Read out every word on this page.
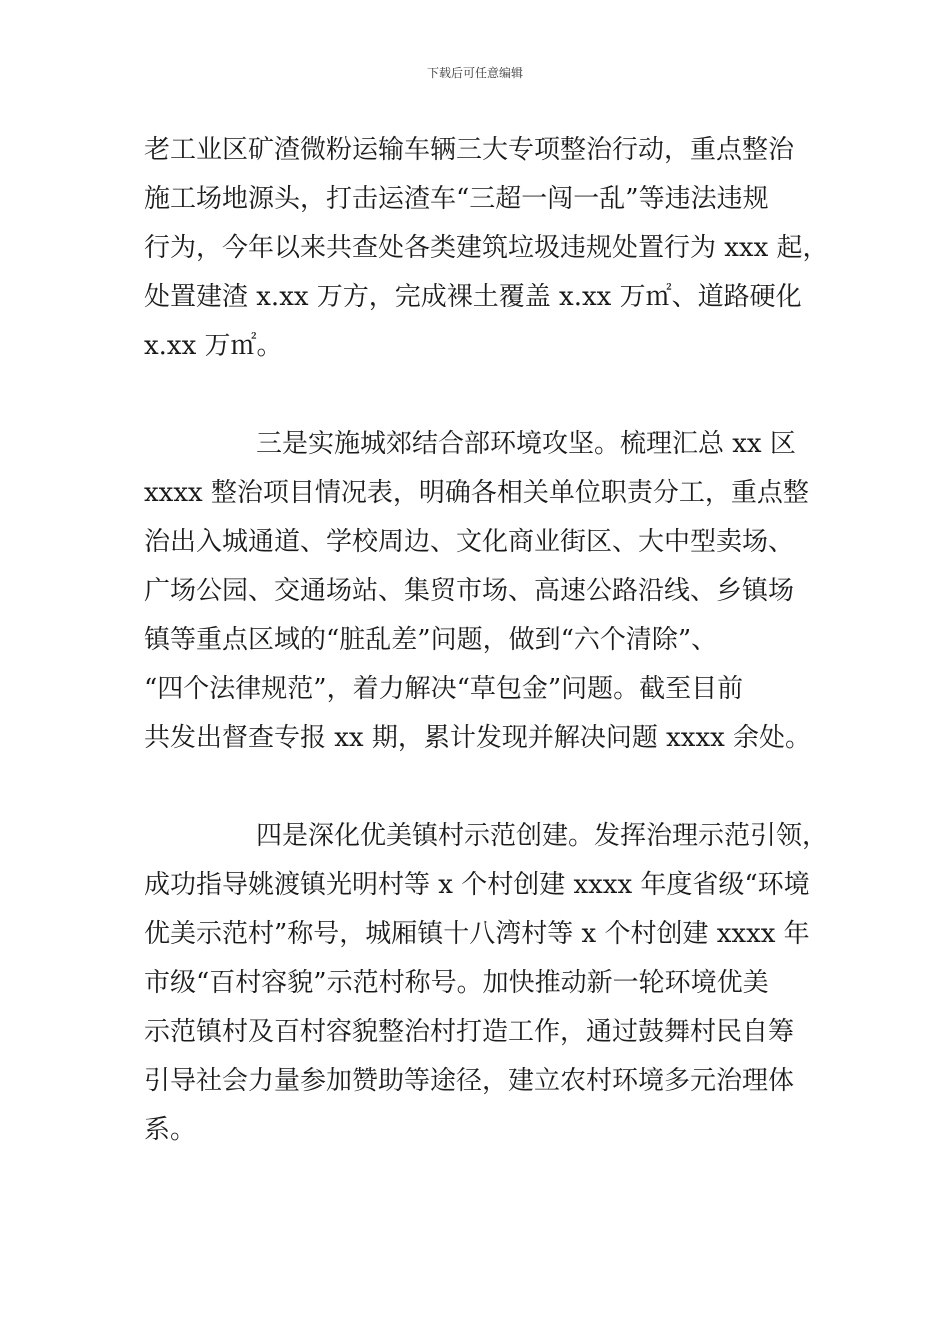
下载后可任意编辑
老工业区矿渣微粉运输车辆三大专项整治行动，重点整治
施工场地源头，打击运渣车“三超一闯一乱”等违法违规
行为，今年以来共查处各类建筑垃圾违规处置行为 xxx 起，
处置建渣 x.xx 万方，完成裸土覆盖 x.xx 万㎡、道路硬化
x.xx 万㎡。
三是实施城郊结合部环境攻坚。梳理汇总 xx 区
xxxx 整治项目情况表，明确各相关单位职责分工，重点整
治出入城通道、学校周边、文化商业街区、大中型卖场、
广场公园、交通场站、集贸市场、高速公路沿线、乡镇场
镇等重点区域的“脏乱差”问题，做到“六个清除”、
“四个法律规范”，着力解决“草包金”问题。截至目前
共发出督查专报 xx 期，累计发现并解决问题 xxxx 余处。
四是深化优美镇村示范创建。发挥治理示范引领，
成功指导姚渡镇光明村等 x 个村创建 xxxx 年度省级“环境
优美示范村”称号，城厢镇十八湾村等 x 个村创建 xxxx 年
市级“百村容貌”示范村称号。加快推动新一轮环境优美
示范镇村及百村容貌整治村打造工作，通过鼓舞村民自筹
引导社会力量参加赞助等途径，建立农村环境多元治理体
系。
